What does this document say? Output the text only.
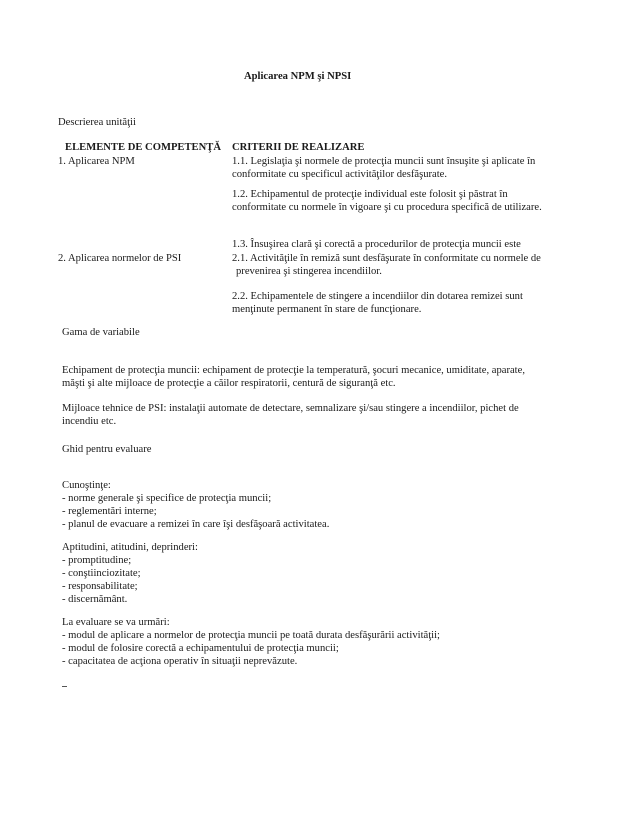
Aplicarea NPM şi NPSI
Descrierea unităţii
ELEMENTE DE COMPETENŢĂ CRITERII DE REALIZARE
1. Aplicarea NPM	1.1. Legislaţia şi normele de protecţia muncii sunt însuşite şi aplicate în
conformitate cu specificul activităţilor desfăşurate.
1.2. Echipamentul de protecţie individual este folosit şi păstrat în
conformitate cu normele în vigoare şi cu procedura specifică de utilizare.
1.3. Însuşirea clară şi corectă a procedurilor de protecţia muncii este
2. Aplicarea normelor de PSI	2.1. Activităţile în remiză sunt desfăşurate în conformitate cu normele de
prevenirea şi stingerea incendiilor.
2.2. Echipamentele de stingere a incendiilor din dotarea remizei sunt
menţinute permanent în stare de funcţionare.
Gama de variabile
Echipament de protecţia muncii: echipament de protecţie la temperatură, şocuri mecanice, umiditate, aparate,
măşti şi alte mijloace de protecţie a căilor respiratorii, centură de siguranţă etc.
Mijloace tehnice de PSI: instalaţii automate de detectare, semnalizare şi/sau stingere a incendiilor, pichet de
incendiu etc.
Ghid pentru evaluare
Cunoştinţe:
- norme generale şi specifice de protecţia muncii;
- reglementări interne;
- planul de evacuare a remizei în care îşi desfăşoară activitatea.
Aptitudini, atitudini, deprinderi:
- promptitudine;
- conştiinciozitate;
- responsabilitate;
- discernământ.
La evaluare se va urmări:
- modul de aplicare a normelor de protecţia muncii pe toată durata desfăşurării activităţii;
- modul de folosire corectă a echipamentului de protecţia muncii;
- capacitatea de acţiona operativ în situaţii neprevăzute.
